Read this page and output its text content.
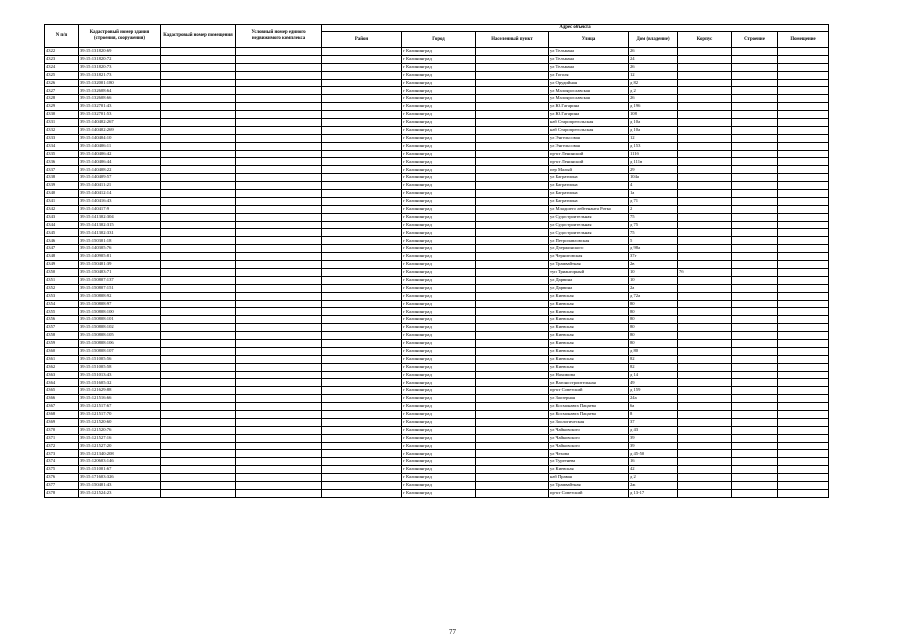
N п/п	Кадастровый номер здания (строения, сооружения)	Кадастровый номер помещения	Условный номер единого недвижимого комплекса	Адрес объекта							
				Район	Город	Населенный пункт	Улица	Дом (владение)	Корпус	Строение	Помещение
4322	39:15:131820:69				г Калининград		ул Тельмана	26			
4323	39:15:131820:72				г Калининград		ул Тельмана	24			
4324	39:15:131820:73				г Калининград		ул Тельмана	26			
4325	39:15:131821:73				г Калининград		ул Гоголя	12			
4326	39:15:132001:180				г Калининград		ул Орудийная	д 82			
4327	39:15:132608:64				г Калининград		ул Малоярославская	д 2			
4328	39:15:132608:66				г Калининград		ул Малоярославская	26			
4329	39:15:132701:43				г Калининград		ул Ю.Гагарина	д 196			
4330	39:15:132701:53				г Калининград		ул Ю.Гагарина	108			
4331	39:15:140402:267				г Калининград		наб Старопрегольская	д 10а			
4332	39:15:140402:269				г Калининград		наб Старопрегольская	д 10а			
4333	39:15:140404:10				г Калининград		ул Энгельсовая	12			
4334	39:15:140406:11				г Калининград		ул Энгельсовая	д 153			
4335	39:15:140406:42				г Калининград		пр-кт Ленинский	111б			
4336	39:15:140406:44				г Калининград		пр-кт Ленинский	д 111в			
4337	39:15:140408:22				г Калининград		пер Малый	29			
4338	39:15:140409:57				г Калининград		ул Багратиона	104а			
4339	39:15:140411:21				г Калининград		ул Багратиона	4			
4340	39:15:140412:14				г Калининград		ул Багратиона	1а			
4341	39:15:140416:43				г Калининград		ул Багратиона	д 71			
4342	39:15:140417:9				г Калининград		ул Младшего лейтенанта Ротко	2			
4343	39:15:141302:304				г Калининград		ул Судостроительная	75			
4344	39:15:141302:315				г Калининград		ул Судостроительная	д 75			
4345	39:15:141302:331				г Калининград		ул Судостроительная	75			
4346	39:15:150301:18				г Калининград		ул Петропавловская	5			
4347	39:15:140305:76				г Калининград		ул Дзержинского	д 98а			
4348	39:15:140905:81				г Калининград		ул Черниговская	37г			
4349	39:15:150401:39				г Калининград		ул Трамвайтная	2в			
4350	39:15:150403:71				г Калининград		туп Триангорный	10	7б		
4351	39:15:150807:137				г Калининград		ул Дарвина	10			
4352	39:15:150807:151				г Калининград		ул Дарвина	2а			
4353	39:15:150808:92				г Калининград		ул Киевская	д 72а			
4354	39:15:150808:97				г Калининград		ул Киевская	80			
4355	39:15:150808:100				г Калининград		ул Киевская	80			
4356	39:15:150808:101				г Калининград		ул Киевская	80			
4357	39:15:150808:102				г Калининград		ул Киевская	80			
4358	39:15:150808:105				г Калининград		ул Киевская	80			
4359	39:15:150808:106				г Калининград		ул Киевская	80			
4360	39:15:150808:107				г Калининград		ул Киевская	д 80			
4361	39:15:151005:56				г Калининград		ул Киевская	82			
4362	39:15:151005:58				г Калининград		ул Киевская	82			
4363	39:15:151013:43				г Калининград		ул Нахимова	д 14			
4364	39:15:151605:32				г Калининград		ул Вагоностроительная	49			
4365	39:15:121629:88				г Калининград		пр-кт Советский	д 159			
4366	39:15:121516:66				г Калининград		ул Заозерная	24а			
4367	39:15:121517:67				г Калининград		ул Космонавта Пацаева	6а			
4368	39:15:121517:70				г Калининград		ул Космонавта Пацаева	8			
4369	39:15:121520:60				г Калининград		ул Зоологическая	37			
4370	39:15:121520:76				г Калининград		ул Чайковского	д 43			
4371	39:15:121527:16				г Калининград		ул Чайковского	39			
4372	39:15:121527:20				г Калининград		ул Чайковского	39			
4373	39:15:121340:208				г Калининград		ул Чехова	д 45-50			
4374	39:15:120603:146				г Калининград		ул Тургенева	16			
4375	39:15:151001:67				г Калининград		ул Киевская	42			
4376	39:15:171603:326				г Калининград		наб Правая	д 2			
4377	39:15:150401:43				г Калининград		ул Трамвайтная	2ж			
4378	39:15:121524:23				г Калининград		пр-кт Советский	д 13-17			
77
